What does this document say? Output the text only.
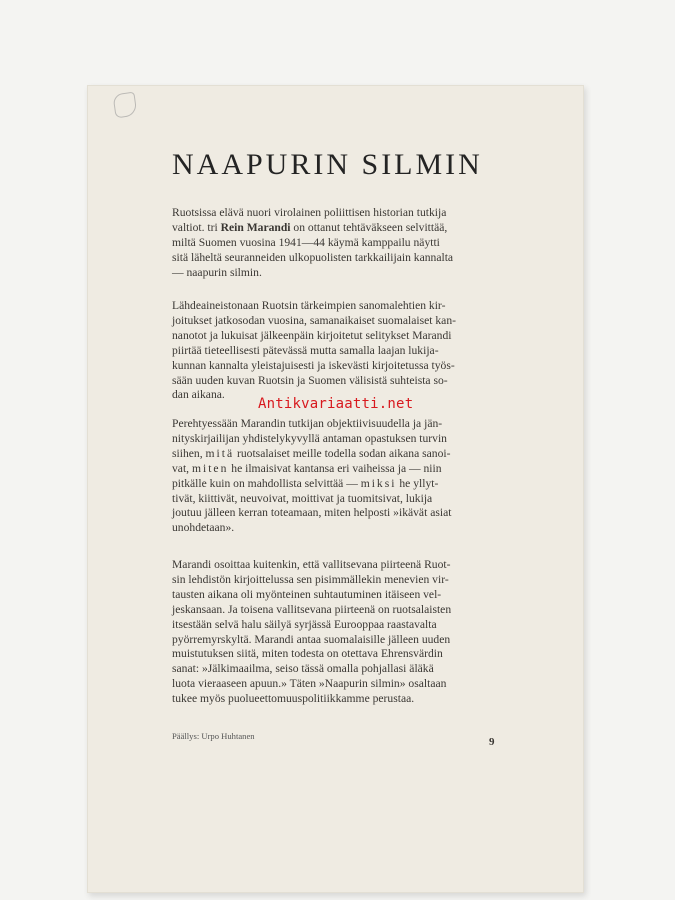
NAAPURIN SILMIN
Ruotsissa elävä nuori virolainen poliittisen historian tutkija
valtiot. tri Rein Marandi on ottanut tehtäväkseen selvittää,
miltä Suomen vuosina 1941—44 käymä kamppailu näytti
sitä läheltä seuranneiden ulkopuolisten tarkkailijain kannalta
— naapurin silmin.
Lähdeaineistonaan Ruotsin tärkeimpien sanomalehtien kir-
joitukset jatkosodan vuosina, samanaikaiset suomalaiset kan-
nanotot ja lukuisat jälkeenpäin kirjoitetut selitykset Marandi
piirtää tieteellisesti pätevässä mutta samalla laajan lukija-
kunnan kannalta yleistajuisesti ja iskevästi kirjoitetussa työs-
sään uuden kuvan Ruotsin ja Suomen välisistä suhteista so-
dan aikana.
Antikvariaatti.net
Perehtyessään Marandin tutkijan objektiivisuudella ja jän-
nityskirjailijan yhdistelykyvyllä antaman opastuksen turvin
siihen, mitä ruotsalaiset meille todella sodan aikana sanoi-
vat, miten he ilmaisivat kantansa eri vaiheissa ja — niin
pitkälle kuin on mahdollista selvittää — miksi he yllyt-
tivät, kiittivät, neuvoivat, moittivat ja tuomitsivat, lukija
joutuu jälleen kerran toteamaan, miten helposti »ikävät asiat
unohdetaan».
Marandi osoittaa kuitenkin, että vallitsevana piirteenä Ruot-
sin lehdistön kirjoittelussa sen pisimmällekin menevien vir-
tausten aikana oli myönteinen suhtautuminen itäiseen vel-
jeskansaan. Ja toisena vallitsevana piirteenä on ruotsalaisten
itsestään selvä halu säilyä syrjässä Eurooppaa raastavalta
pyörremyrskyltä. Marandi antaa suomalaisille jälleen uuden
muistutuksen siitä, miten todesta on otettava Ehrensvärdin
sanat: »Jälkimaailma, seiso tässä omalla pohjallasi äläkä
luota vieraaseen apuun.» Täten »Naapurin silmin» osaltaan
tukee myös puolueettomuuspolitiikkamme perustaa.
Päällys: Urpo Huhtanen	9
